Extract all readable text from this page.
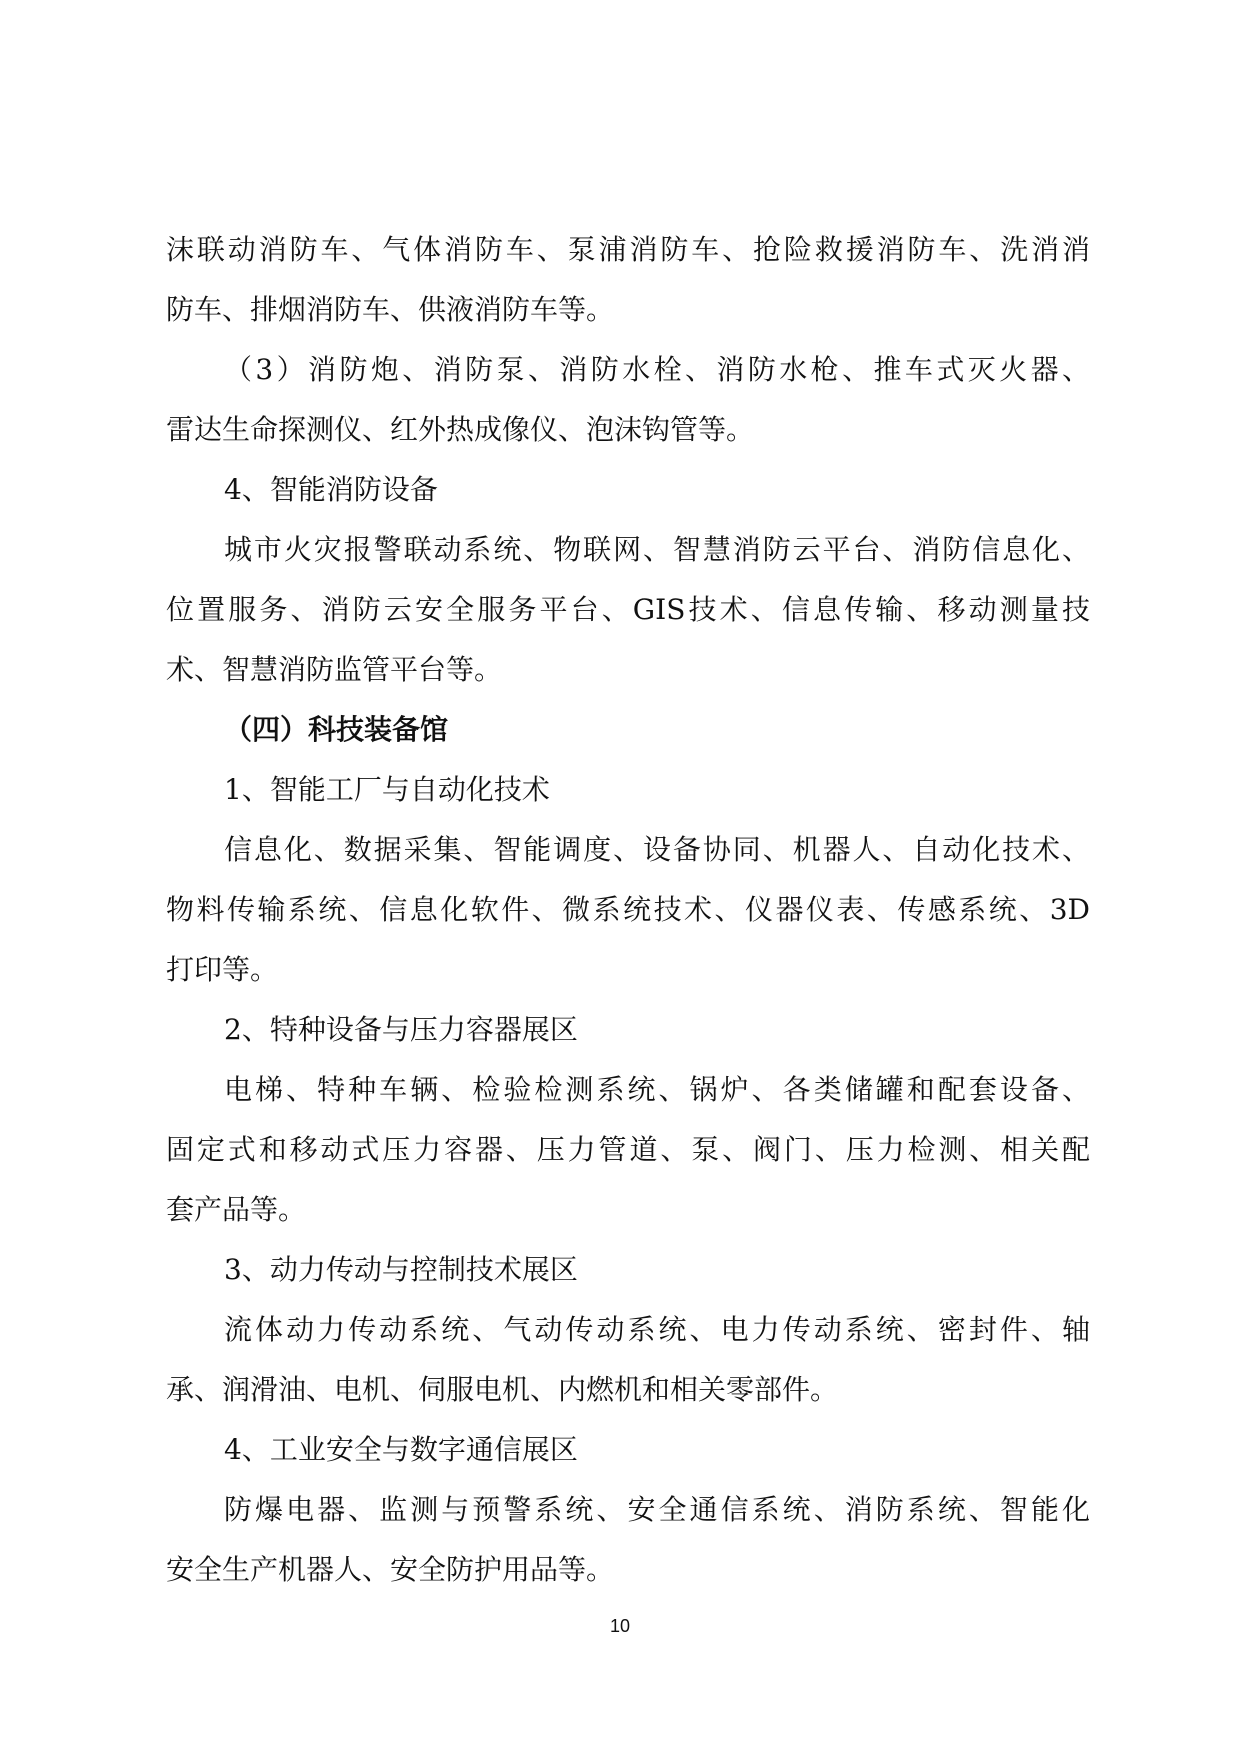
沫联动消防车、气体消防车、泵浦消防车、抢险救援消防车、洗消消
防车、排烟消防车、供液消防车等。
（3）消防炮、消防泵、消防水栓、消防水枪、推车式灭火器、
雷达生命探测仪、红外热成像仪、泡沫钩管等。
4、智能消防设备
城市火灾报警联动系统、物联网、智慧消防云平台、消防信息化、
位置服务、消防云安全服务平台、GIS技术、信息传输、移动测量技
术、智慧消防监管平台等。
（四）科技装备馆
1、智能工厂与自动化技术
信息化、数据采集、智能调度、设备协同、机器人、自动化技术、
物料传输系统、信息化软件、微系统技术、仪器仪表、传感系统、3D
打印等。
2、特种设备与压力容器展区
电梯、特种车辆、检验检测系统、锅炉、各类储罐和配套设备、
固定式和移动式压力容器、压力管道、泵、阀门、压力检测、相关配
套产品等。
3、动力传动与控制技术展区
流体动力传动系统、气动传动系统、电力传动系统、密封件、轴
承、润滑油、电机、伺服电机、内燃机和相关零部件。
4、工业安全与数字通信展区
防爆电器、监测与预警系统、安全通信系统、消防系统、智能化
安全生产机器人、安全防护用品等。
10
